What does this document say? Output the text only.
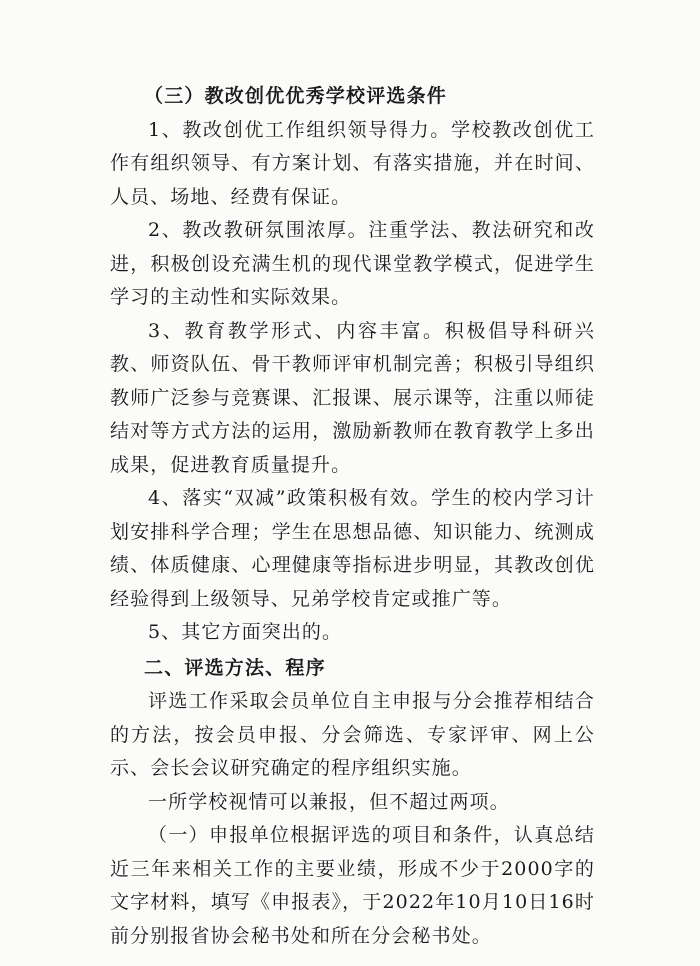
（三）教改创优优秀学校评选条件

1、教改创优工作组织领导得力。学校教改创优工作有组织领导、有方案计划、有落实措施，并在时间、人员、场地、经费有保证。

2、教改教研氛围浓厚。注重学法、教法研究和改进，积极创设充满生机的现代课堂教学模式，促进学生学习的主动性和实际效果。

3、教育教学形式、内容丰富。积极倡导科研兴教、师资队伍、骨干教师评审机制完善；积极引导组织教师广泛参与竞赛课、汇报课、展示课等，注重以师徒结对等方式方法的运用，激励新教师在教育教学上多出成果，促进教育质量提升。

4、落实“双减”政策积极有效。学生的校内学习计划安排科学合理；学生在思想品德、知识能力、统测成绩、体质健康、心理健康等指标进步明显，其教改创优经验得到上级领导、兄弟学校肯定或推广等。

5、其它方面突出的。

二、评选方法、程序

评选工作采取会员单位自主申报与分会推荐相结合的方法，按会员申报、分会筛选、专家评审、网上公示、会长会议研究确定的程序组织实施。

一所学校视情可以兼报，但不超过两项。

（一）申报单位根据评选的项目和条件，认真总结近三年来相关工作的主要业绩，形成不少于2000字的文字材料，填写《申报表》，于2022年10月10日16时前分别报省协会秘书处和所在分会秘书处。
